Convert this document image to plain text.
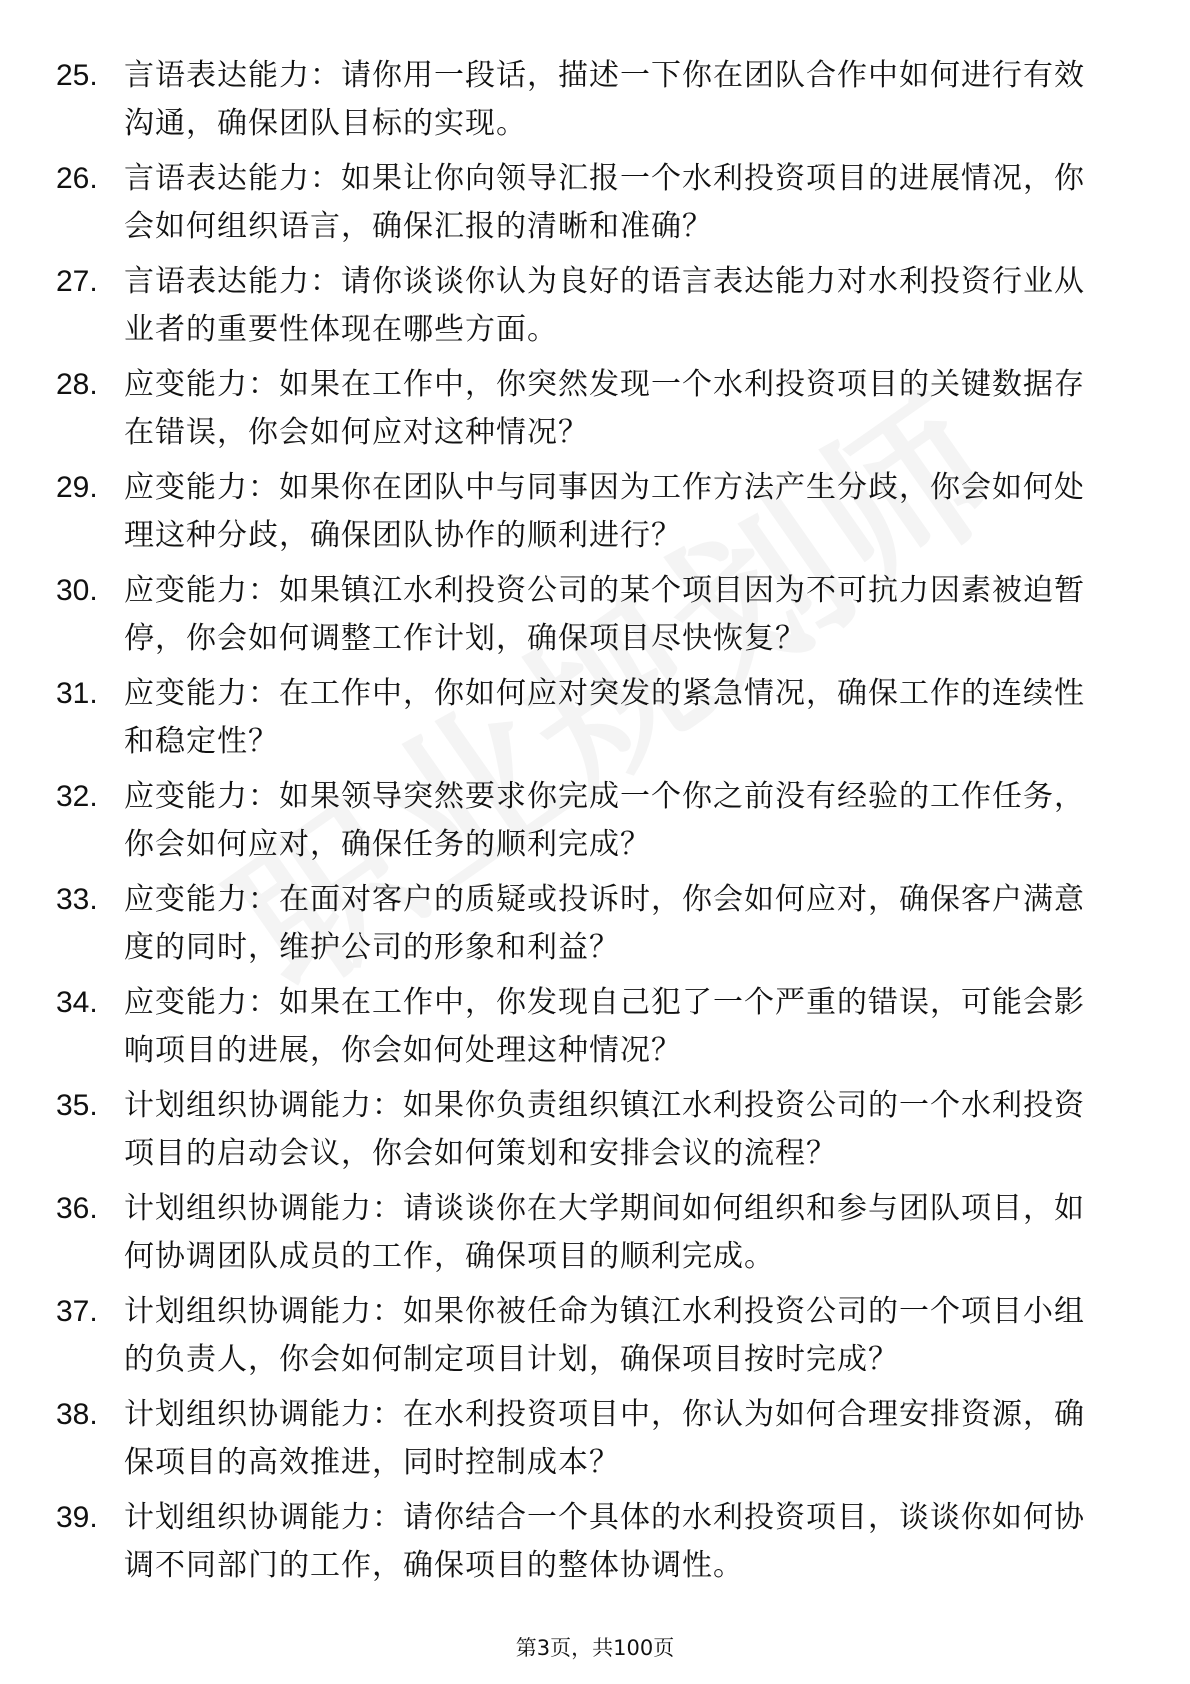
25. 言语表达能力：请你用一段话，描述一下你在团队合作中如何进行有效沟通，确保团队目标的实现。
26. 言语表达能力：如果让你向领导汇报一个水利投资项目的进展情况，你会如何组织语言，确保汇报的清晰和准确？
27. 言语表达能力：请你谈谈你认为良好的语言表达能力对水利投资行业从业者的重要性体现在哪些方面。
28. 应变能力：如果在工作中，你突然发现一个水利投资项目的关键数据存在错误，你会如何应对这种情况？
29. 应变能力：如果你在团队中与同事因为工作方法产生分歧，你会如何处理这种分歧，确保团队协作的顺利进行？
30. 应变能力：如果镇江水利投资公司的某个项目因为不可抗力因素被迫暂停，你会如何调整工作计划，确保项目尽快恢复？
31. 应变能力：在工作中，你如何应对突发的紧急情况，确保工作的连续性和稳定性？
32. 应变能力：如果领导突然要求你完成一个你之前没有经验的工作任务，你会如何应对，确保任务的顺利完成？
33. 应变能力：在面对客户的质疑或投诉时，你会如何应对，确保客户满意度的同时，维护公司的形象和利益？
34. 应变能力：如果在工作中，你发现自己犯了一个严重的错误，可能会影响项目的进展，你会如何处理这种情况？
35. 计划组织协调能力：如果你负责组织镇江水利投资公司的一个水利投资项目的启动会议，你会如何策划和安排会议的流程？
36. 计划组织协调能力：请谈谈你在大学期间如何组织和参与团队项目，如何协调团队成员的工作，确保项目的顺利完成。
37. 计划组织协调能力：如果你被任命为镇江水利投资公司的一个项目小组的负责人，你会如何制定项目计划，确保项目按时完成？
38. 计划组织协调能力：在水利投资项目中，你认为如何合理安排资源，确保项目的高效推进，同时控制成本？
39. 计划组织协调能力：请你结合一个具体的水利投资项目，谈谈你如何协调不同部门的工作，确保项目的整体协调性。
第3页，共100页
